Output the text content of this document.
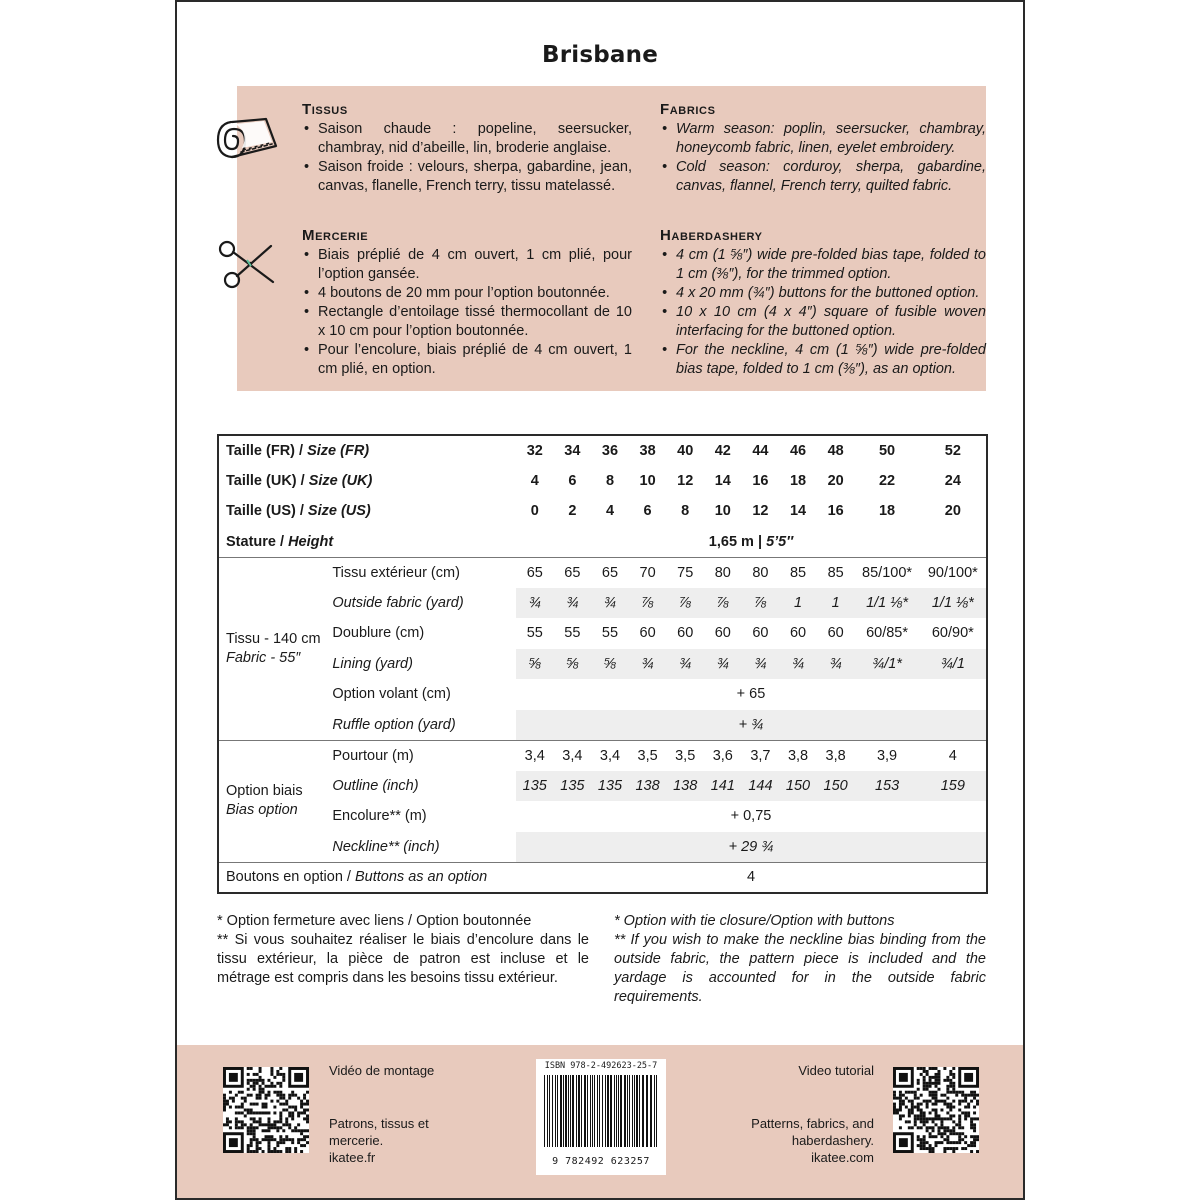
Brisbane
Tissus
• Saison chaude : popeline, seersucker, chambray, nid d’abeille, lin, broderie anglaise.
• Saison froide : velours, sherpa, gabardine, jean, canvas, flanelle, French terry, tissu matelassé.
Mercerie
• Biais préplié de 4 cm ouvert, 1 cm plié, pour l’option gansée.
• 4 boutons de 20 mm pour l’option boutonnée.
• Rectangle d’entoilage tissé thermocollant de 10 x 10 cm pour l’option boutonnée.
• Pour l’encolure, biais préplié de 4 cm ouvert, 1 cm plié, en option.
Fabrics
• Warm season: poplin, seersucker, chambray, honeycomb fabric, linen, eyelet embroidery.
• Cold season: corduroy, sherpa, gabardine, canvas, flannel, French terry, quilted fabric.
Haberdashery
• 4 cm (1 ⅝″) wide pre-folded bias tape, folded to 1 cm (⅜″), for the trimmed option.
• 4 x 20 mm (¾″) buttons for the buttoned option.
• 10 x 10 cm (4 x 4″) square of fusible woven interfacing for the buttoned option.
• For the neckline, 4 cm (1 ⅝″) wide pre-folded bias tape, folded to 1 cm (⅜″), as an option.
Taille (FR) / Size (FR)		32	34	36	38	40	42	44	46	48	50	52
Taille (UK) / Size (UK)		4	6	8	10	12	14	16	18	20	22	24
Taille (US) / Size (US)		0	2	4	6	8	10	12	14	16	18	20
Stature / Height		1,65 m | 5’5″										
Tissu - 140 cm
Fabric - 55″	Tissu extérieur (cm)	65	65	65	70	75	80	80	85	85	85/100*	90/100*
	Outside fabric (yard)	¾	¾	¾	⅞	⅞	⅞	⅞	1	1	1/1 ⅛*	1/1 ⅛*
	Doublure (cm)	55	55	55	60	60	60	60	60	60	60/85*	60/90*
	Lining (yard)	⅝	⅝	⅝	¾	¾	¾	¾	¾	¾	¾/1*	¾/1
	Option volant (cm)	+ 65										
	Ruffle option (yard)	+ ¾										
Option biais
Bias option	Pourtour (m)	3,4	3,4	3,4	3,5	3,5	3,6	3,7	3,8	3,8	3,9	4
	Outline (inch)	135	135	135	138	138	141	144	150	150	153	159
	Encolure** (m)	+ 0,75										
	Neckline** (inch)	+ 29 ¾										
Boutons en option / Buttons as an option		4										

* Option fermeture avec liens / Option boutonnée

** Si vous souhaitez réaliser le biais d’encolure dans le tissu extérieur, la pièce de patron est incluse et le métrage est compris dans les besoins tissu extérieur.

* Option with tie closure/Option with buttons

** If you wish to make the neckline bias binding from the outside fabric, the pattern piece is included and the yardage is accounted for in the outside fabric requirements.

Vidéo de montage
Patrons, tissus et mercerie.
ikatee.fr
ISBN 978-2-492623-25-7
9 782492 623257
Video tutorial
Patterns, fabrics, and haberdashery.
ikatee.com
